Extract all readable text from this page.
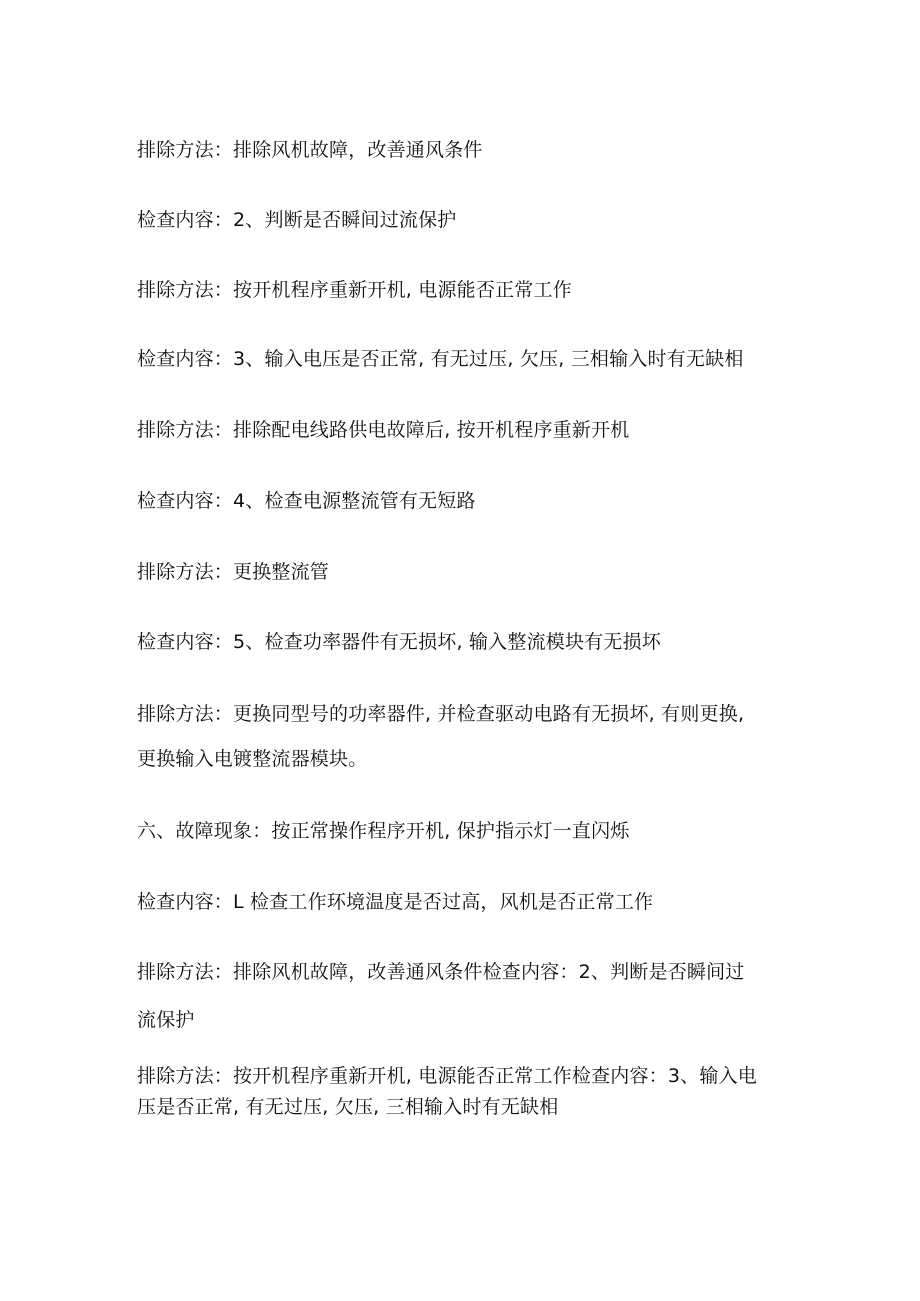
排除方法：排除风机故障，改善通风条件
检查内容：2、判断是否瞬间过流保护
排除方法：按开机程序重新开机, 电源能否正常工作
检查内容：3、输入电压是否正常, 有无过压, 欠压, 三相输入时有无缺相
排除方法：排除配电线路供电故障后, 按开机程序重新开机
检查内容：4、检查电源整流管有无短路
排除方法：更换整流管
检查内容：5、检查功率器件有无损坏, 输入整流模块有无损坏
排除方法：更换同型号的功率器件, 并检查驱动电路有无损坏, 有则更换,
更换输入电镀整流器模块。
六、故障现象：按正常操作程序开机, 保护指示灯一直闪烁
检查内容：L 检查工作环境温度是否过高，风机是否正常工作
排除方法：排除风机故障，改善通风条件检查内容：2、判断是否瞬间过
流保护
排除方法：按开机程序重新开机, 电源能否正常工作检查内容：3、输入电
压是否正常, 有无过压, 欠压, 三相输入时有无缺相
